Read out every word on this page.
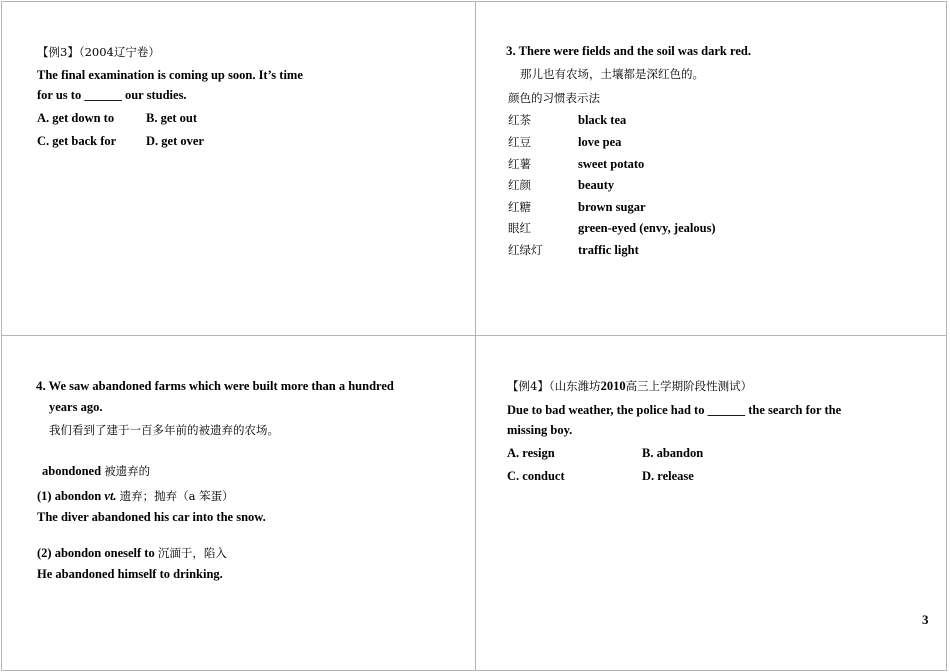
【例3】（2004辽宁卷）
The final examination is coming up soon. It’s time
for us to ______ our studies.
A. get down to	B. get out
C. get back for D. get over
3. There were fields and the soil was dark red.
那儿也有农场，土壤都是深红色的。
颜色的习惯表示法
红茶	black tea
红豆	love pea
红薯	sweet potato
红颜	beauty
红糖	brown sugar
眼红	green-eyed (envy, jealous)
红绿灯	traffic light
4. We saw abandoned farms which were built more than a hundred
years ago.
我们看到了建于一百多年前的被遗弃的农场。
abondoned 被遗弃的
(1) abondon vt. 遗弃；抛弃（a 笨蛋）
The diver abandoned his car into the snow.
(2) abondon oneself to 沉湎于，陷入
He abandoned himself to drinking.
【例4】（山东潍坊2010高三上学期阶段性测试）
Due to bad weather, the police had to ______ the search for the
missing boy.
A. resign	B. abandon
C. conduct	D. release
3
